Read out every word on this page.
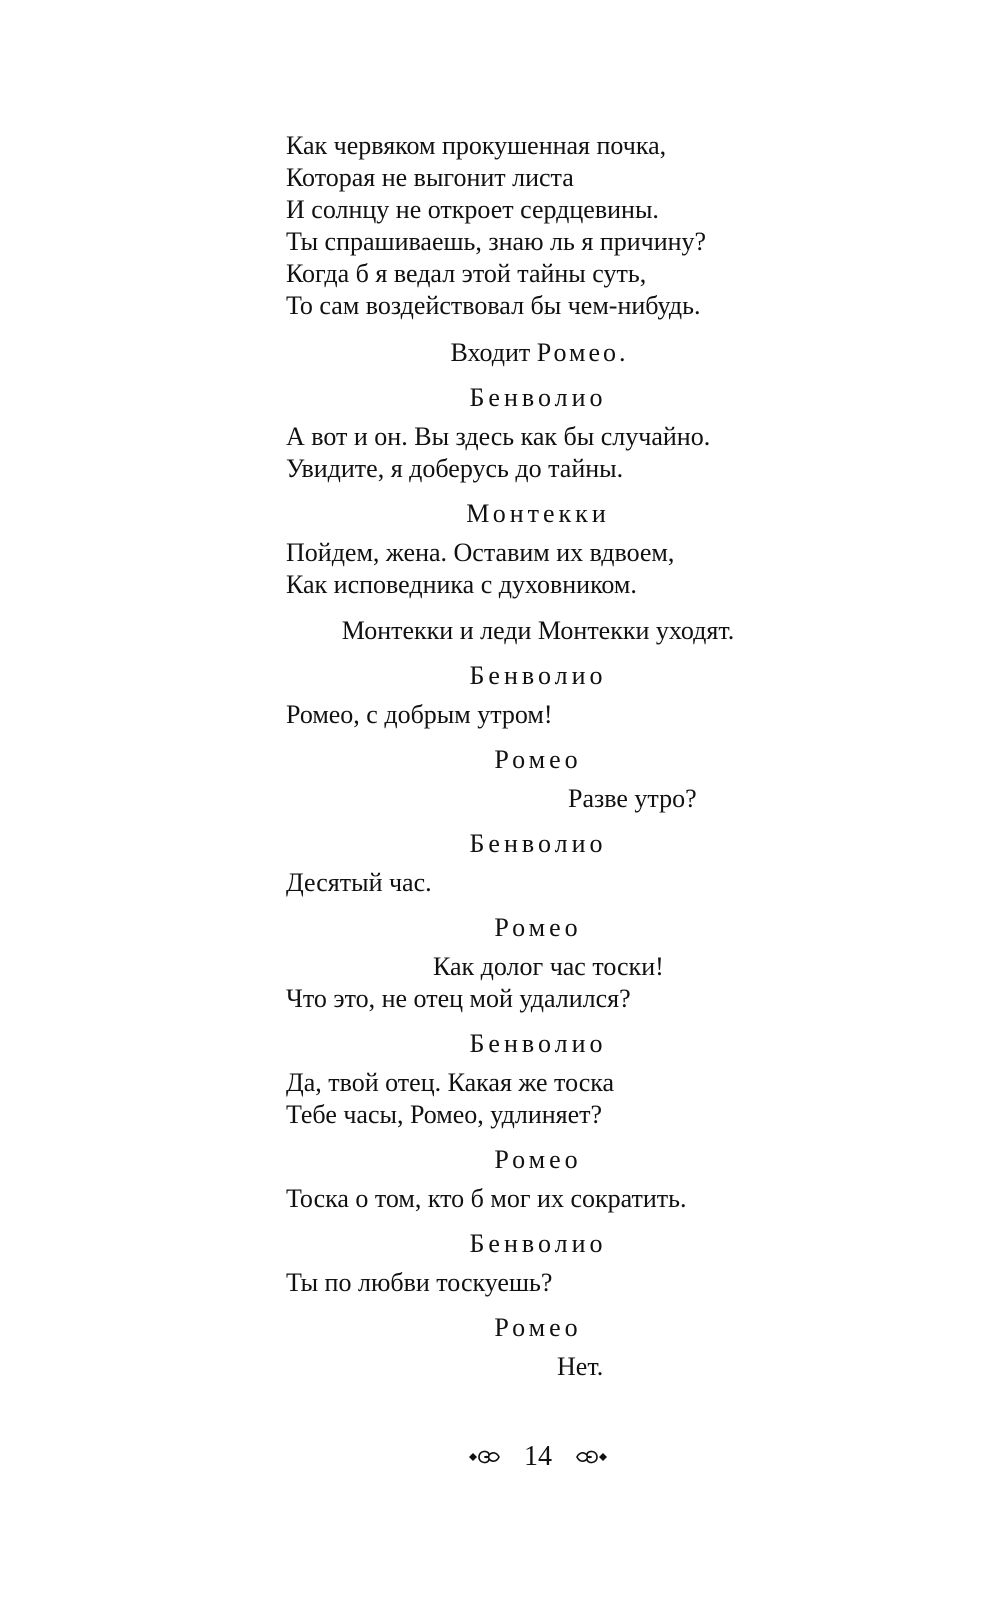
Как червяком прокушенная почка,
Которая не выгонит листа
И солнцу не откроет сердцевины.
Ты спрашиваешь, знаю ль я причину?
Когда б я ведал этой тайны суть,
То сам воздействовал бы чем-нибудь.
Входит Ромео.
Бенволио
А вот и он. Вы здесь как бы случайно.
Увидите, я доберусь до тайны.
Монтекки
Пойдем, жена. Оставим их вдвоем,
Как исповедника с духовником.
Монтекки и леди Монтекки уходят.
Бенволио
Ромео, с добрым утром!
Ромео
Разве утро?
Бенволио
Десятый час.
Ромео
Как долог час тоски!
Что это, не отец мой удалился?
Бенволио
Да, твой отец. Какая же тоска
Тебе часы, Ромео, удлиняет?
Ромео
Тоска о том, кто б мог их сократить.
Бенволио
Ты по любви тоскуешь?
Ромео
Нет.
14
